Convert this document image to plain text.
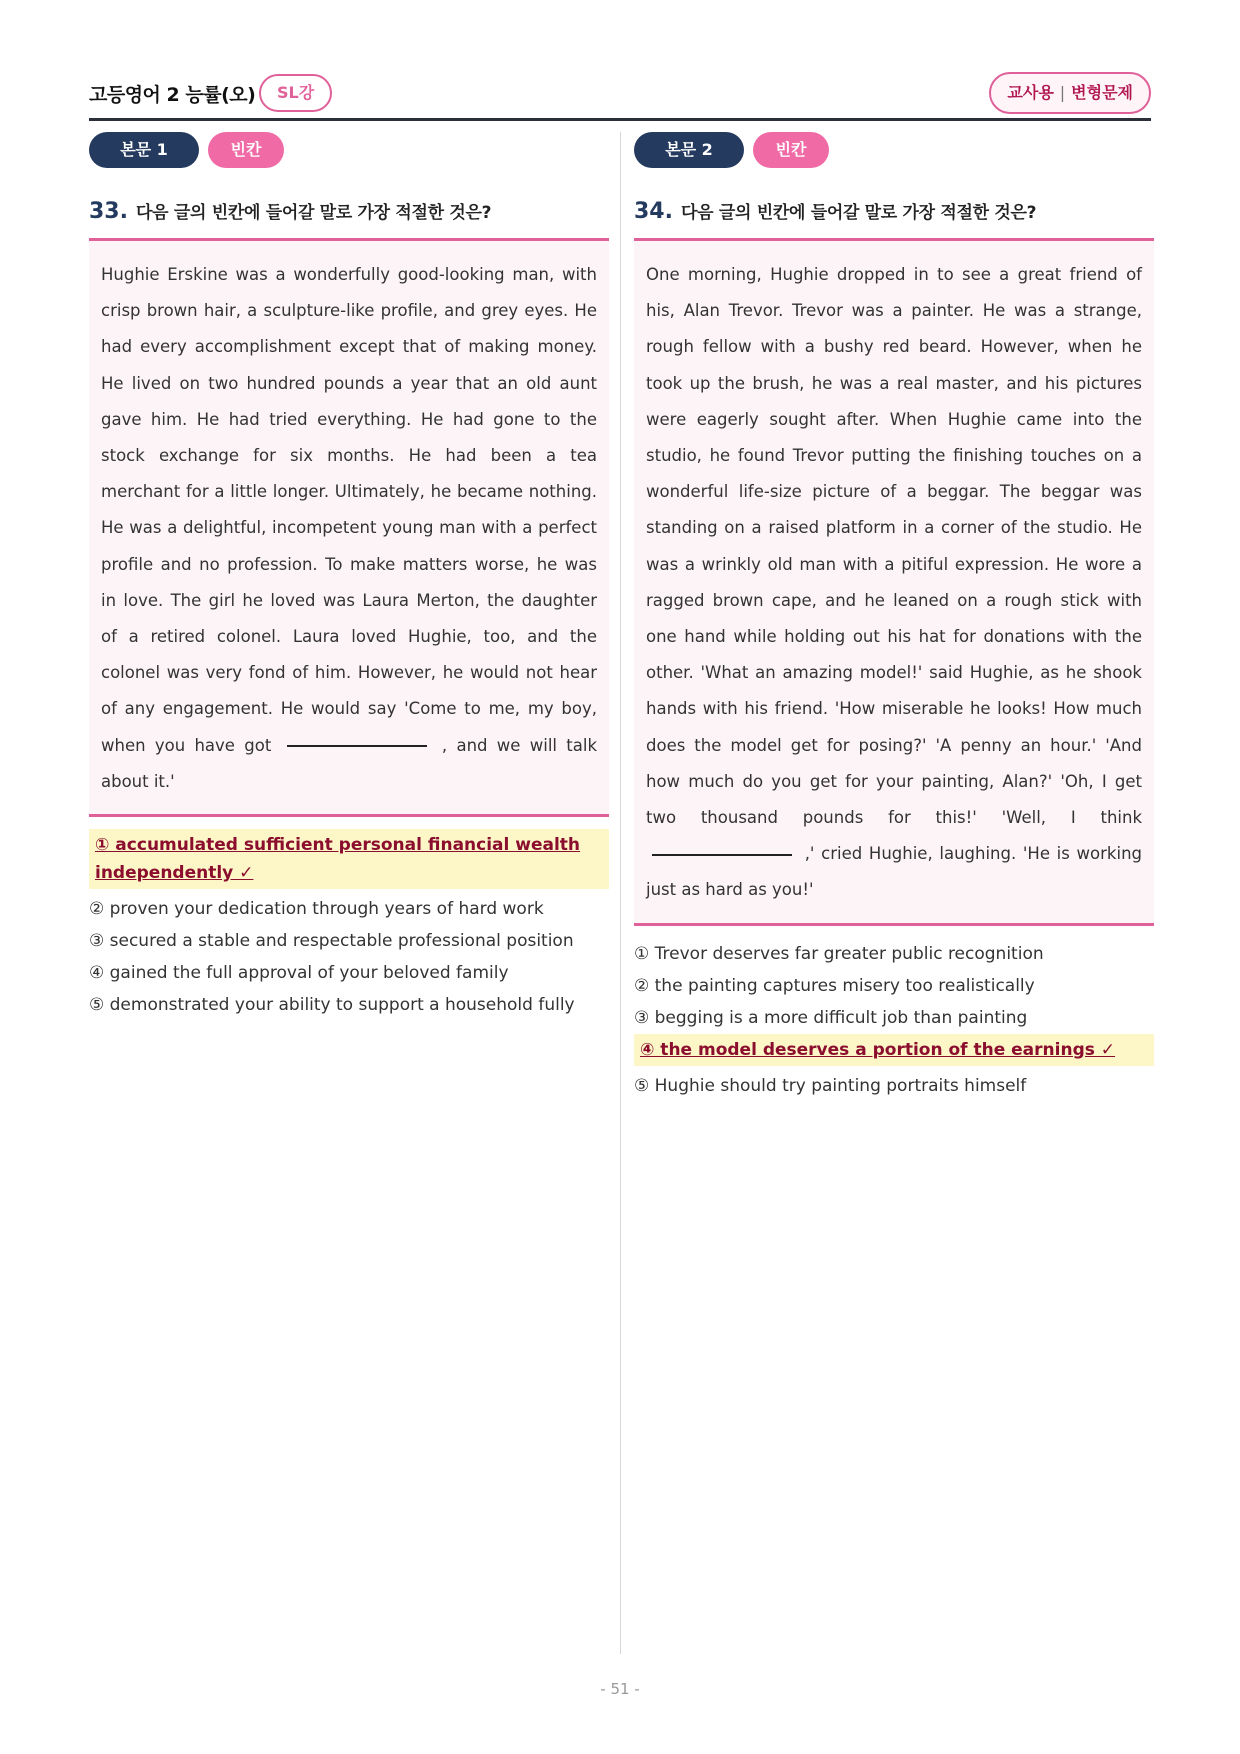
고등영어 2 능률(오)	SL강	교사용 | 변형문제
본문 1	빈칸
33. 다음 글의 빈칸에 들어갈 말로 가장 적절한 것은?
Hughie Erskine was a wonderfully good-looking man, with crisp brown hair, a sculpture-like profile, and grey eyes. He had every accomplishment except that of making money. He lived on two hundred pounds a year that an old aunt gave him. He had tried everything. He had gone to the stock exchange for six months. He had been a tea merchant for a little longer. Ultimately, he became nothing. He was a delightful, incompetent young man with a perfect profile and no profession. To make matters worse, he was in love. The girl he loved was Laura Merton, the daughter of a retired colonel. Laura loved Hughie, too, and the colonel was very fond of him. However, he would not hear of any engagement. He would say 'Come to me, my boy, when you have got	, and we will talk about it.'
① accumulated sufficient personal financial wealth independently ✓
② proven your dedication through years of hard work
③ secured a stable and respectable professional position
④ gained the full approval of your beloved family
⑤ demonstrated your ability to support a household fully
본문 2	빈칸
34. 다음 글의 빈칸에 들어갈 말로 가장 적절한 것은?
One morning, Hughie dropped in to see a great friend of his, Alan Trevor. Trevor was a painter. He was a strange, rough fellow with a bushy red beard. However, when he took up the brush, he was a real master, and his pictures were eagerly sought after. When Hughie came into the studio, he found Trevor putting the finishing touches on a wonderful life-size picture of a beggar. The beggar was standing on a raised platform in a corner of the studio. He was a wrinkly old man with a pitiful expression. He wore a ragged brown cape, and he leaned on a rough stick with one hand while holding out his hat for donations with the other. 'What an amazing model!' said Hughie, as he shook hands with his friend. 'How miserable he looks! How much does the model get for posing?' 'A penny an hour.' 'And how much do you get for your painting, Alan?' 'Oh, I get two thousand pounds for this!' 'Well, I think  ,' cried Hughie, laughing. 'He is working just as hard as you!'
① Trevor deserves far greater public recognition
② the painting captures misery too realistically
③ begging is a more difficult job than painting
④ the model deserves a portion of the earnings ✓
⑤ Hughie should try painting portraits himself
- 51 -
